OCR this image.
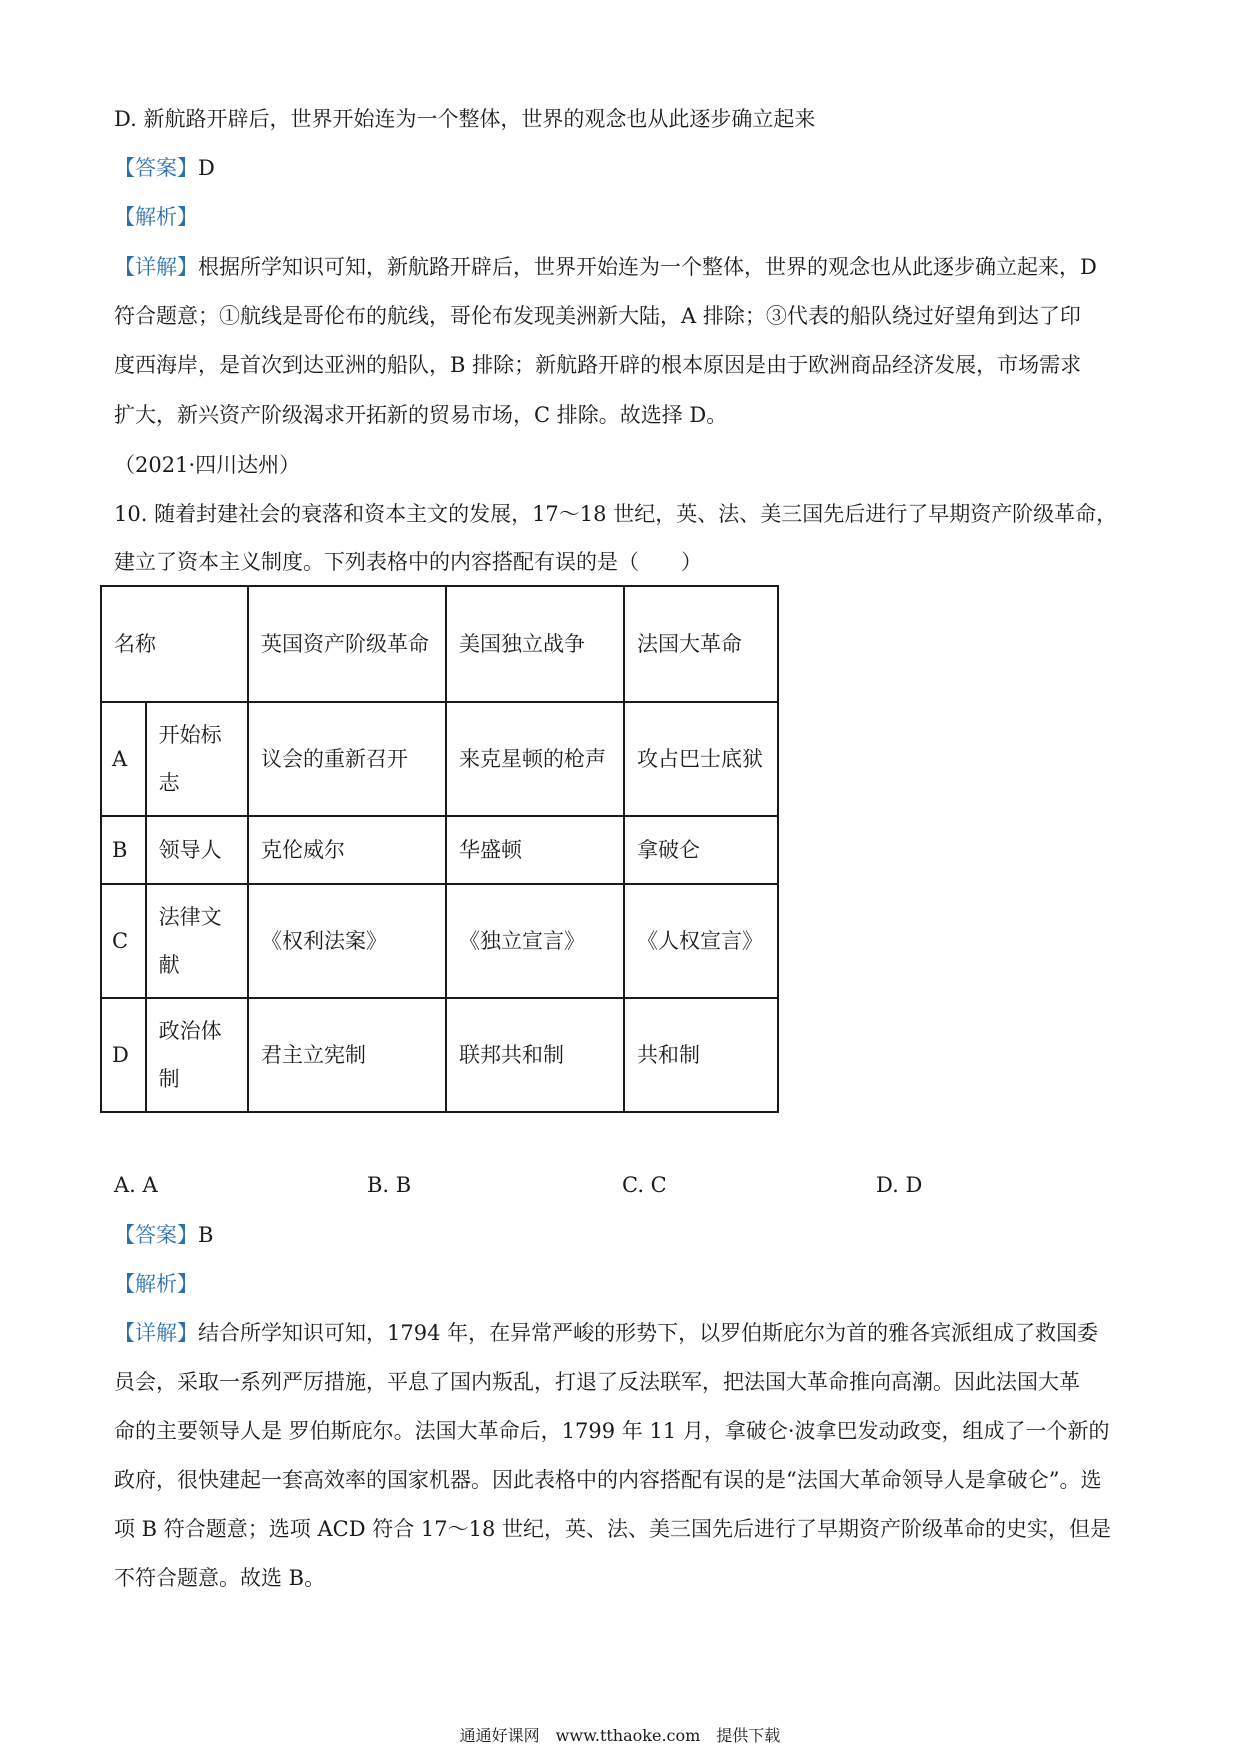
D. 新航路开辟后，世界开始连为一个整体，世界的观念也从此逐步确立起来
【答案】D
【解析】
【详解】根据所学知识可知，新航路开辟后，世界开始连为一个整体，世界的观念也从此逐步确立起来，D
符合题意；①航线是哥伦布的航线，哥伦布发现美洲新大陆，A 排除；③代表的船队绕过好望角到达了印
度西海岸，是首次到达亚洲的船队，B 排除；新航路开辟的根本原因是由于欧洲商品经济发展，市场需求
扩大，新兴资产阶级渴求开拓新的贸易市场，C 排除。故选择 D。
（2021·四川达州）
10. 随着封建社会的衰落和资本主文的发展，17～18 世纪，英、法、美三国先后进行了早期资产阶级革命，
建立了资本主义制度。下列表格中的内容搭配有误的是（　　）
名称		英国资产阶级革命	美国独立战争	法国大革命
A	开始标志	议会的重新召开	来克星顿的枪声	攻占巴士底狱
B	领导人	克伦威尔	华盛顿	拿破仑
C	法律文献	《权利法案》	《独立宣言》	《人权宣言》
D	政治体制	君主立宪制	联邦共和制	共和制
A. A	B. B	C. C	D. D
【答案】B
【解析】
【详解】结合所学知识可知，1794 年，在异常严峻的形势下，以罗伯斯庇尔为首的雅各宾派组成了救国委
员会，采取一系列严厉措施，平息了国内叛乱，打退了反法联军，把法国大革命推向高潮。因此法国大革
命的主要领导人是 罗伯斯庇尔。法国大革命后，1799 年 11 月，拿破仑·波拿巴发动政变，组成了一个新的
政府，很快建起一套高效率的国家机器。因此表格中的内容搭配有误的是“法国大革命领导人是拿破仑”。选
项 B 符合题意；选项 ACD 符合 17～18 世纪，英、法、美三国先后进行了早期资产阶级革命的史实，但是
不符合题意。故选 B。
通通好课网　www.tthaoke.com　提供下载
